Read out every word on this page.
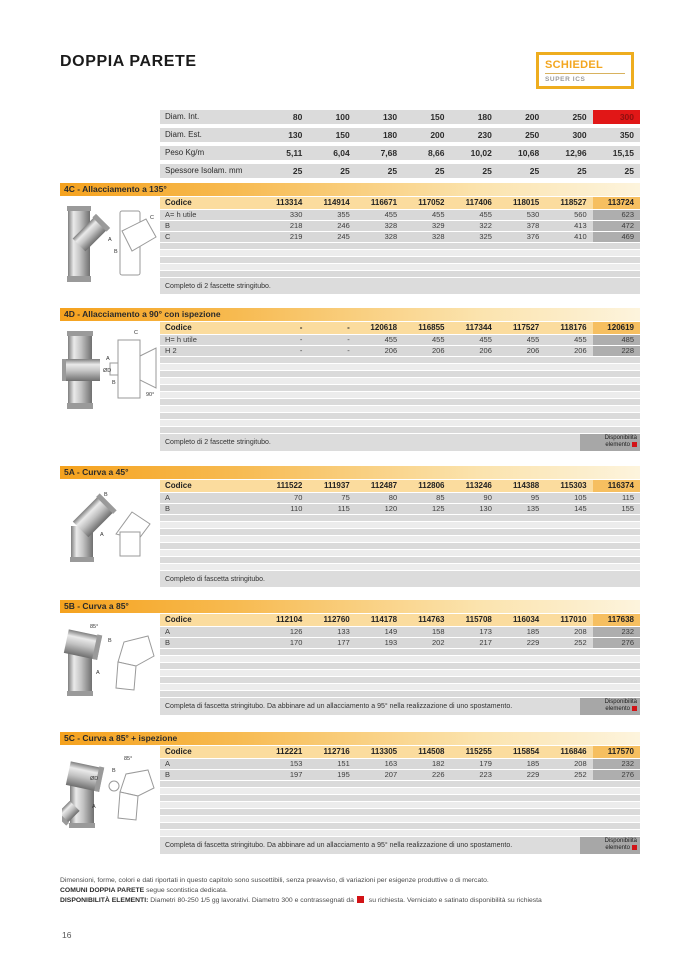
DOPPIA PARETE	SCHIEDEL
SUPER ICS
Diam. Int.	80	100	130	150	180	200	250	300
Diam. Est.	130	150	180	200	230	250	300	350
Peso Kg/m	5,11	6,04	7,68	8,66	10,02	10,68	12,96	15,15
Spessore Isolam. mm	25	25	25	25	25	25	25	25
4C - Allacciamento a 135°
A
B
C
Codice	113314	114914	116671	117052	117406	118015	118527	113724
A= h utile	330	355	455	455	455	530	560	623
B	218	246	328	329	322	378	413	472
C	219	245	328	328	325	376	410	469
Completo di 2 fascette stringitubo.
4D - Allacciamento a 90° con ispezione
C
A
ØD
B
90°
Codice	-	-	120618	116855	117344	117527	118176	120619
H= h utile	-	-	455	455	455	455	455	485
H 2	-	-	206	206	206	206	206	228
Completo di 2 fascette stringitubo.
Disponibilità
elemento
5A - Curva a 45°
B
A
Codice	111522	111937	112487	112806	113246	114388	115303	116374
A	70	75	80	85	90	95	105	115
B	110	115	120	125	130	135	145	155
Completo di fascetta stringitubo.
5B - Curva a 85°
85°
B
A
Codice	112104	112760	114178	114763	115708	116034	117010	117638
A	126	133	149	158	173	185	208	232
B	170	177	193	202	217	229	252	276
Completa di fascetta stringitubo. Da abbinare ad un allacciamento a 95° nella realizzazione di uno spostamento.
Disponibilità
elemento
5C - Curva a 85° + ispezione
85°
ØD
B
A
Codice	112221	112716	113305	114508	115255	115854	116846	117570
A	153	151	163	182	179	185	208	232
B	197	195	207	226	223	229	252	276
Completa di fascetta stringitubo. Da abbinare ad un allacciamento a 95° nella realizzazione di uno spostamento.
Disponibilità
elemento
Dimensioni, forme, colori e dati riportati in questo capitolo sono suscettibili, senza preavviso, di variazioni per esigenze produttive o di mercato.
COMUNI DOPPIA PARETE segue scontistica dedicata.
DISPONIBILITÀ ELEMENTI: Diametri 80-250 1/5 gg lavorativi. Diametro 300 e contrassegnati da su richiesta. Verniciato e satinato disponibilità su richiesta
16
